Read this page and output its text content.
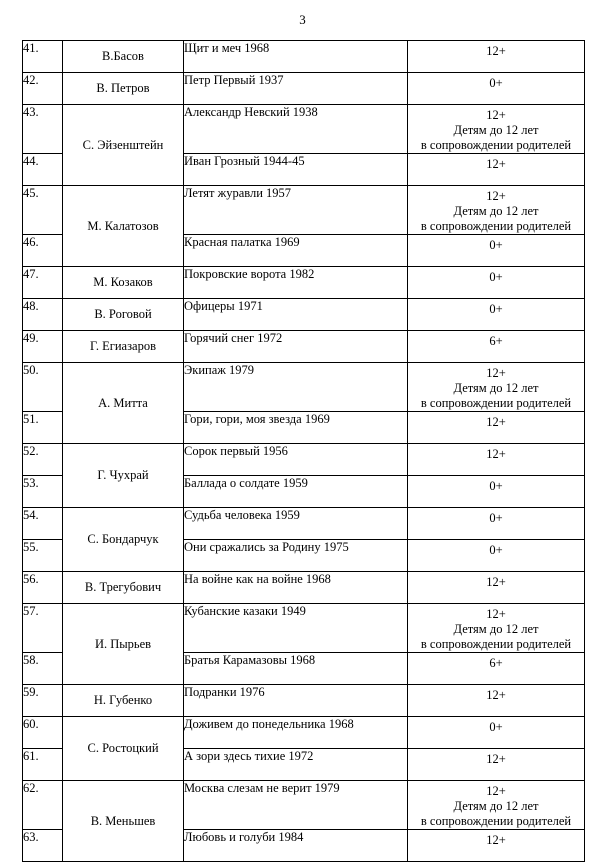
3
41.	В.Басов	Щит и меч 1968	12+

42.	В. Петров	Петр Первый 1937	0+

43.	С. Эйзенштейн	Александр Невский 1938	12+
Детям до 12 лет
в сопровождении родителей

44.		Иван Грозный 1944-45	12+

45.	М. Калатозов	Летят журавли 1957	12+
Детям до 12 лет
в сопровождении родителей

46.		Красная палатка 1969	0+

47.	М. Козаков	Покровские ворота 1982	0+

48.	В. Роговой	Офицеры 1971	0+

49.	Г. Егиазаров	Горячий снег 1972	6+

50.	А. Митта	Экипаж 1979	12+
Детям до 12 лет
в сопровождении родителей

51.		Гори, гори, моя звезда 1969	12+

52.	Г. Чухрай	Сорок первый 1956	12+

53.		Баллада о солдате 1959	0+

54.	С. Бондарчук	Судьба человека 1959	0+

55.		Они сражались за Родину 1975	0+

56.	В. Трегубович	На войне как на войне 1968	12+

57.	И. Пырьев	Кубанские казаки 1949	12+
Детям до 12 лет
в сопровождении родителей

58.		Братья Карамазовы 1968	6+

59.	Н. Губенко	Подранки 1976	12+

60.	С. Ростоцкий	Доживем до понедельника 1968	0+

61.		А зори здесь тихие 1972	12+

62.	В. Меньшев	Москва слезам не верит 1979	12+
Детям до 12 лет
в сопровождении родителей

63.		Любовь и голуби 1984	12+
